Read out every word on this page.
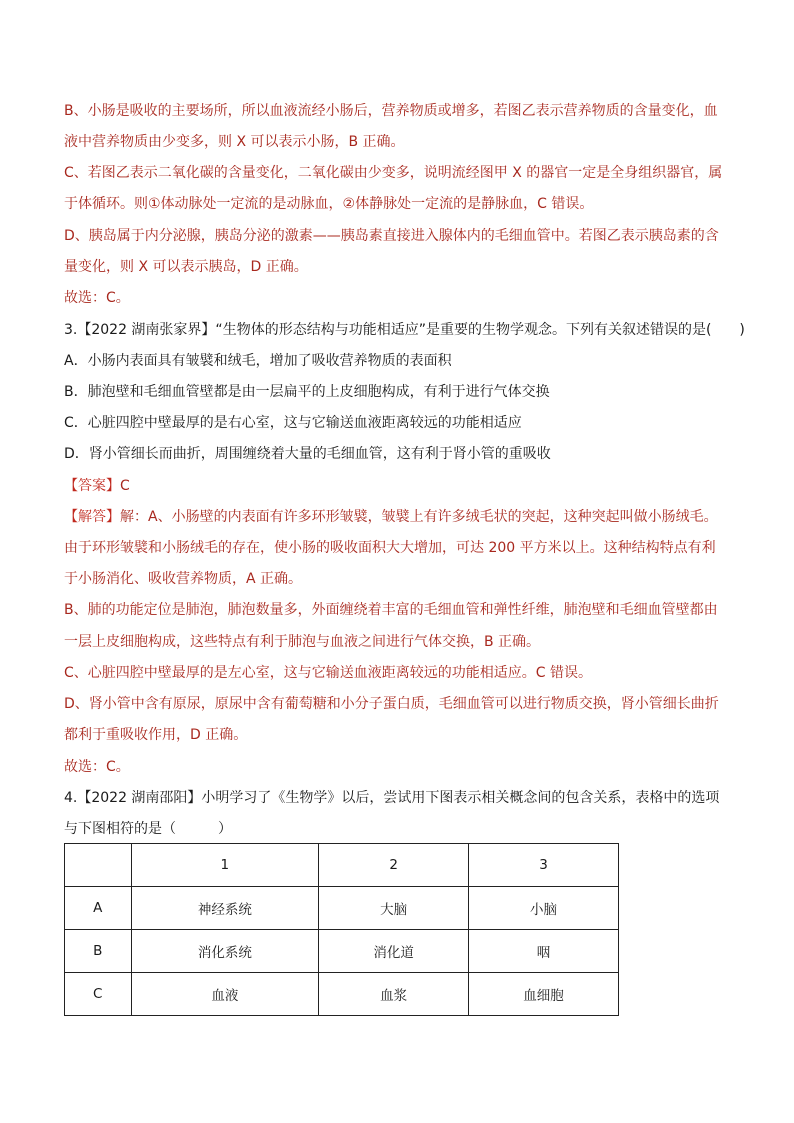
B、小肠是吸收的主要场所，所以血液流经小肠后，营养物质或增多，若图乙表示营养物质的含量变化，血
液中营养物质由少变多，则 X 可以表示小肠，B 正确。
C、若图乙表示二氧化碳的含量变化，二氧化碳由少变多，说明流经图甲 X 的器官一定是全身组织器官，属
于体循环。则①体动脉处一定流的是动脉血，②体静脉处一定流的是静脉血，C 错误。
D、胰岛属于内分泌腺，胰岛分泌的激素——胰岛素直接进入腺体内的毛细血管中。若图乙表示胰岛素的含
量变化，则 X 可以表示胰岛，D 正确。
故选：C。
3.【2022 湖南张家界】“生物体的形态结构与功能相适应”是重要的生物学观念。下列有关叙述错误的是(　　)
A．小肠内表面具有皱襞和绒毛，增加了吸收营养物质的表面积
B．肺泡壁和毛细血管壁都是由一层扁平的上皮细胞构成，有利于进行气体交换
C．心脏四腔中壁最厚的是右心室，这与它输送血液距离较远的功能相适应
D．肾小管细长而曲折，周围缠绕着大量的毛细血管，这有利于肾小管的重吸收
【答案】C
【解答】解：A、小肠壁的内表面有许多环形皱襞，皱襞上有许多绒毛状的突起，这种突起叫做小肠绒毛。
由于环形皱襞和小肠绒毛的存在，使小肠的吸收面积大大增加，可达 200 平方米以上。这种结构特点有利
于小肠消化、吸收营养物质，A 正确。
B、肺的功能定位是肺泡，肺泡数量多，外面缠绕着丰富的毛细血管和弹性纤维，肺泡壁和毛细血管壁都由
一层上皮细胞构成，这些特点有利于肺泡与血液之间进行气体交换，B 正确。
C、心脏四腔中壁最厚的是左心室，这与它输送血液距离较远的功能相适应。C 错误。
D、肾小管中含有原尿，原尿中含有葡萄糖和小分子蛋白质，毛细血管可以进行物质交换，肾小管细长曲折
都利于重吸收作用，D 正确。
故选：C。
4.【2022 湖南邵阳】小明学习了《生物学》以后，尝试用下图表示相关概念间的包含关系，表格中的选项
与下图相符的是（　　　）
	1	2	3
A	神经系统	大脑	小脑
B	消化系统	消化道	咽
C	血液	血浆	血细胞
